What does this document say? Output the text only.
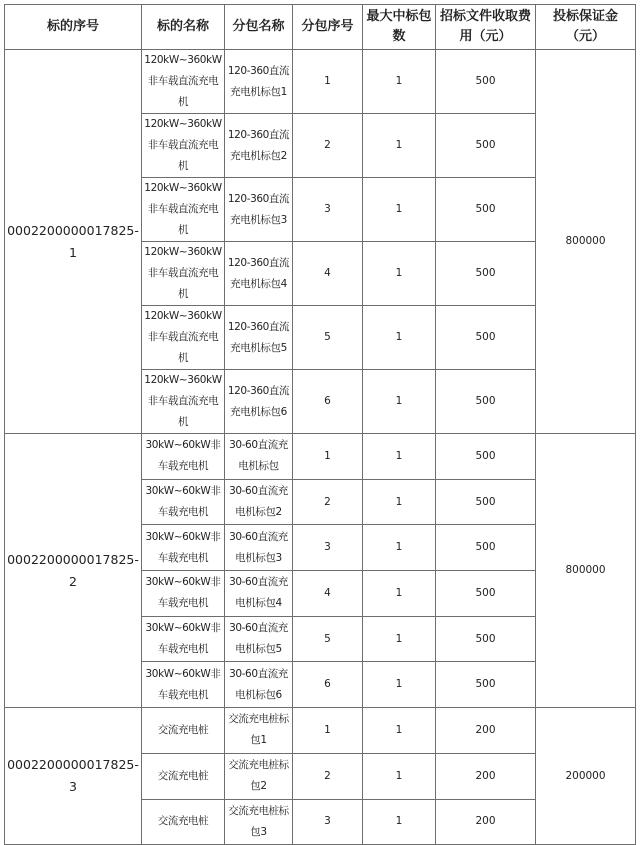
标的序号	标的名称	分包名称	分包序号	最大中标包数	招标文件收取费用（元）	投标保证金（元）
0002200000017825-1	120kW~360kW非车载直流充电机	120-360直流充电机标包1	1	1	500	800000
	120kW~360kW非车载直流充电机	120-360直流充电机标包2	2	1	500	
	120kW~360kW非车载直流充电机	120-360直流充电机标包3	3	1	500	
	120kW~360kW非车载直流充电机	120-360直流充电机标包4	4	1	500	
	120kW~360kW非车载直流充电机	120-360直流充电机标包5	5	1	500	
	120kW~360kW非车载直流充电机	120-360直流充电机标包6	6	1	500	
0002200000017825-2	30kW~60kW非车载充电机	30-60直流充电机标包	1	1	500	800000
	30kW~60kW非车载充电机	30-60直流充电机标包2	2	1	500	
	30kW~60kW非车载充电机	30-60直流充电机标包3	3	1	500	
	30kW~60kW非车载充电机	30-60直流充电机标包4	4	1	500	
	30kW~60kW非车载充电机	30-60直流充电机标包5	5	1	500	
	30kW~60kW非车载充电机	30-60直流充电机标包6	6	1	500	
0002200000017825-3	交流充电桩	交流充电桩标包1	1	1	200	200000
	交流充电桩	交流充电桩标包2	2	1	200	
	交流充电桩	交流充电桩标包3	3	1	200	
